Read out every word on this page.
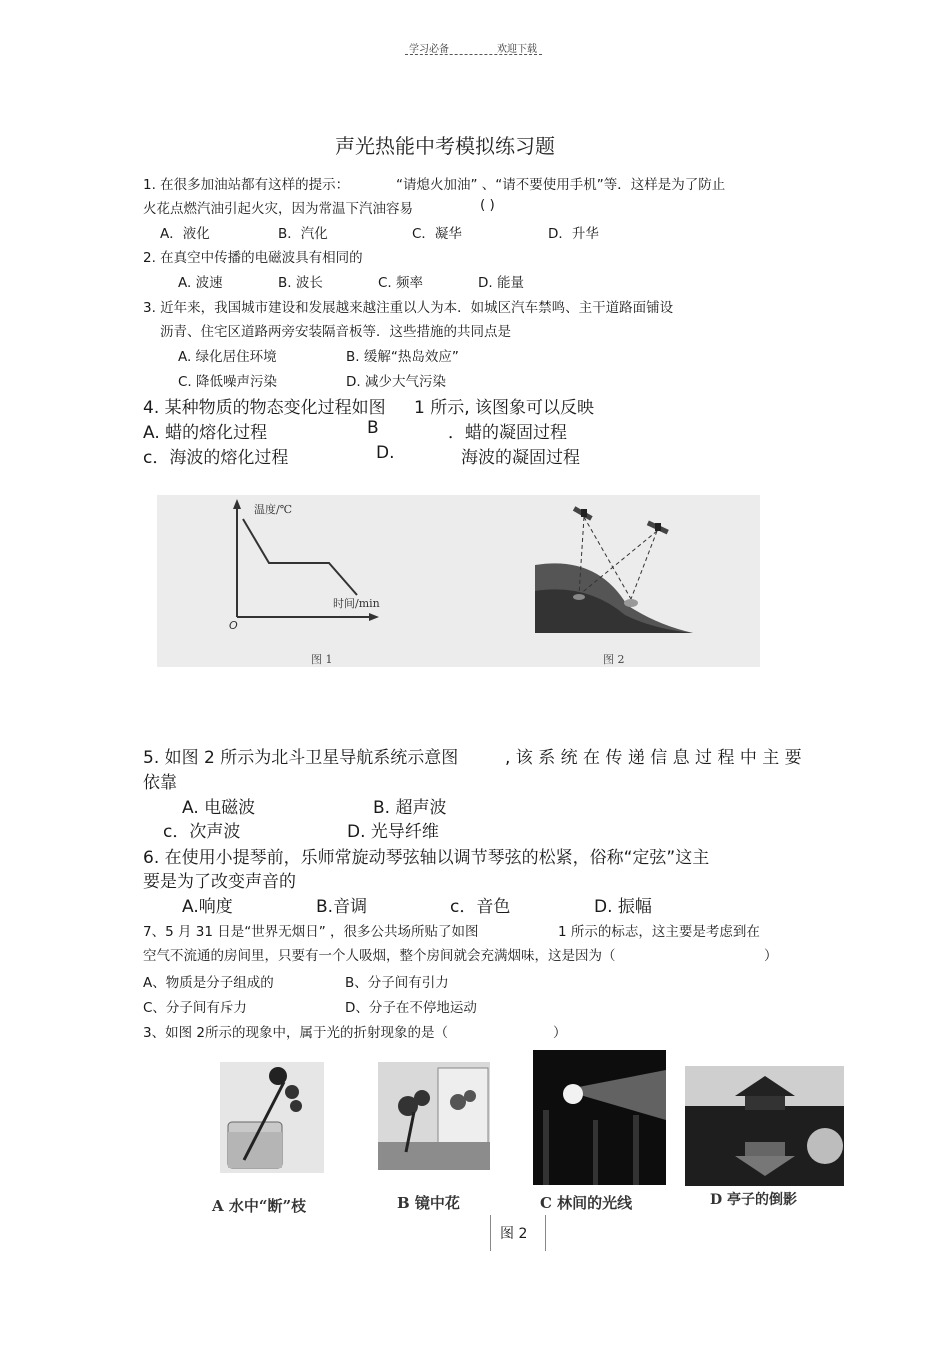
学习必备	欢迎下载
声光热能中考模拟练习题
1. 在很多加油站都有这样的提示：	“请熄火加油” 、“请不要使用手机”等．这样是为了防止
火花点燃汽油引起火灾，因为常温下汽油容易	( )
A．液化	B．汽化	C．凝华	D．升华
2. 在真空中传播的电磁波具有相同的
A. 波速	B. 波长	C. 频率	D. 能量
3. 近年来，我国城市建设和发展越来越注重以人为本．如城区汽车禁鸣、主干道路面铺设
沥青、住宅区道路两旁安装隔音板等．这些措施的共同点是
A. 绿化居住环境	B. 缓解“热岛效应”
C. 降低噪声污染	D. 减少大气污染
4. 某种物质的物态变化过程如图 1 所示, 该图象可以反映
A. 蜡的熔化过程	B	．蜡的凝固过程
c．海波的熔化过程	D.	海波的凝固过程
温度/℃
时间/min
O
图 1	图 2
5. 如图 2 所示为北斗卫星导航系统示意图	, 该 系 统 在 传 递 信 息 过 程 中 主 要
依靠
A. 电磁波	B. 超声波
c．次声波	D. 光导纤维
6. 在使用小提琴前，乐师常旋动琴弦轴以调节琴弦的松紧，俗称“定弦”这主
要是为了改变声音的
A.响度	B.音调	c．音色	D. 振幅
7、5 月 31 日是“世界无烟日” ，很多公共场所贴了如图	1 所示的标志，这主要是考虑到在
空气不流通的房间里，只要有一个人吸烟，整个房间就会充满烟味，这是因为（	）
A、物质是分子组成的	B、分子间有引力
C、分子间有斥力	D、分子在不停地运动
3、如图 2所示的现象中，属于光的折射现象的是（	）
A 水中“断”枝	B 镜中花	C 林间的光线	D 亭子的倒影
图 2
